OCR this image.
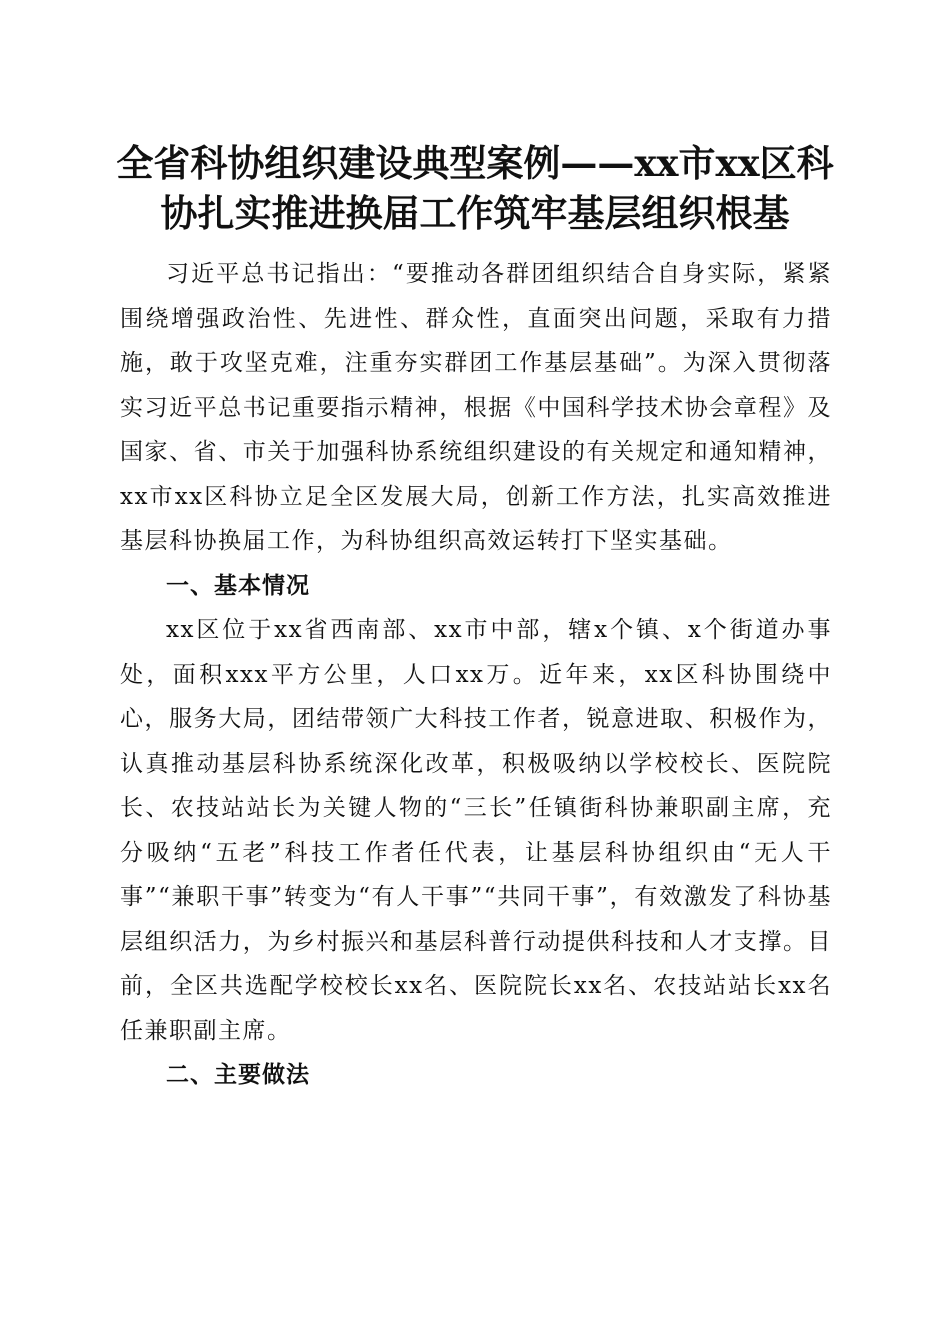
全省科协组织建设典型案例——xx市xx区科
协扎实推进换届工作筑牢基层组织根基

习近平总书记指出：“要推动各群团组织结合自身实际，紧紧围绕增强政治性、先进性、群众性，直面突出问题，采取有力措施，敢于攻坚克难，注重夯实群团工作基层基础”。为深入贯彻落实习近平总书记重要指示精神，根据《中国科学技术协会章程》及国家、省、市关于加强科协系统组织建设的有关规定和通知精神，xx市xx区科协立足全区发展大局，创新工作方法，扎实高效推进基层科协换届工作，为科协组织高效运转打下坚实基础。

一、基本情况

xx区位于xx省西南部、xx市中部，辖x个镇、x个街道办事处，面积xxx平方公里，人口xx万。近年来，xx区科协围绕中心，服务大局，团结带领广大科技工作者，锐意进取、积极作为，认真推动基层科协系统深化改革，积极吸纳以学校校长、医院院长、农技站站长为关键人物的“三长”任镇街科协兼职副主席，充分吸纳“五老”科技工作者任代表，让基层科协组织由“无人干事”“兼职干事”转变为“有人干事”“共同干事”，有效激发了科协基层组织活力，为乡村振兴和基层科普行动提供科技和人才支撑。目前，全区共选配学校校长xx名、医院院长xx名、农技站站长xx名任兼职副主席。

二、主要做法
